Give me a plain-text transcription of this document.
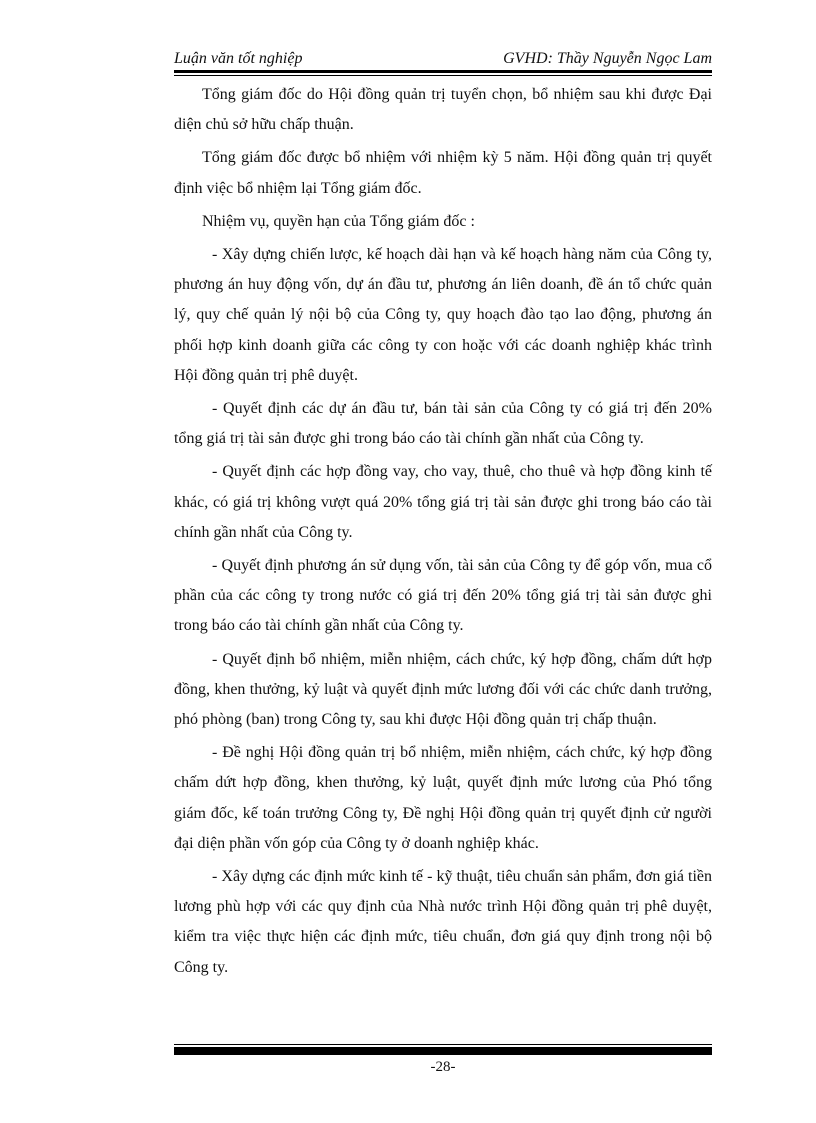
Luận văn tốt nghiệp	GVHD: Thầy Nguyễn Ngọc Lam

Tổng giám đốc do Hội đồng quản trị tuyển chọn, bổ nhiệm sau khi được Đại diện chủ sở hữu chấp thuận.

Tổng giám đốc được bổ nhiệm với nhiệm kỳ 5 năm. Hội đồng quản trị quyết định việc bổ nhiệm lại Tổng giám đốc.

Nhiệm vụ, quyền hạn của Tổng giám đốc :

- Xây dựng chiến lược, kế hoạch dài hạn và kế hoạch hàng năm của Công ty, phương án huy động vốn, dự án đầu tư, phương án liên doanh, đề án tổ chức quản lý, quy chế quản lý nội bộ của Công ty, quy hoạch đào tạo lao động, phương án phối hợp kinh doanh giữa các công ty con hoặc với các doanh nghiệp khác trình Hội đồng quản trị phê duyệt.

- Quyết định các dự án đầu tư, bán tài sản của Công ty có giá trị đến 20% tổng giá trị tài sản được ghi trong báo cáo tài chính gần nhất của Công ty.

- Quyết định các hợp đồng vay, cho vay, thuê, cho thuê và hợp đồng kinh tế khác, có giá trị không vượt quá 20% tổng giá trị tài sản được ghi trong báo cáo tài chính gần nhất của Công ty.

- Quyết định phương án sử dụng vốn, tài sản của Công ty để góp vốn, mua cổ phần của các công ty trong nước có giá trị đến 20% tổng giá trị tài sản được ghi trong báo cáo tài chính gần nhất của Công ty.

- Quyết định bổ nhiệm, miễn nhiệm, cách chức, ký hợp đồng, chấm dứt hợp đồng, khen thưởng, kỷ luật và quyết định mức lương đối với các chức danh trưởng, phó phòng (ban) trong Công ty, sau khi được Hội đồng quản trị chấp thuận.

- Đề nghị Hội đồng quản trị bổ nhiệm, miễn nhiệm, cách chức, ký hợp đồng chấm dứt hợp đồng, khen thưởng, kỷ luật, quyết định mức lương của Phó tổng giám đốc, kế toán trưởng Công ty, Đề nghị Hội đồng quản trị quyết định cử người đại diện phần vốn góp của Công ty ở doanh nghiệp khác.

- Xây dựng các định mức kinh tế - kỹ thuật, tiêu chuẩn sản phẩm, đơn giá tiền lương phù hợp với các quy định của Nhà nước trình Hội đồng quản trị phê duyệt, kiểm tra việc thực hiện các định mức, tiêu chuẩn, đơn giá quy định trong nội bộ Công ty.

-28-
